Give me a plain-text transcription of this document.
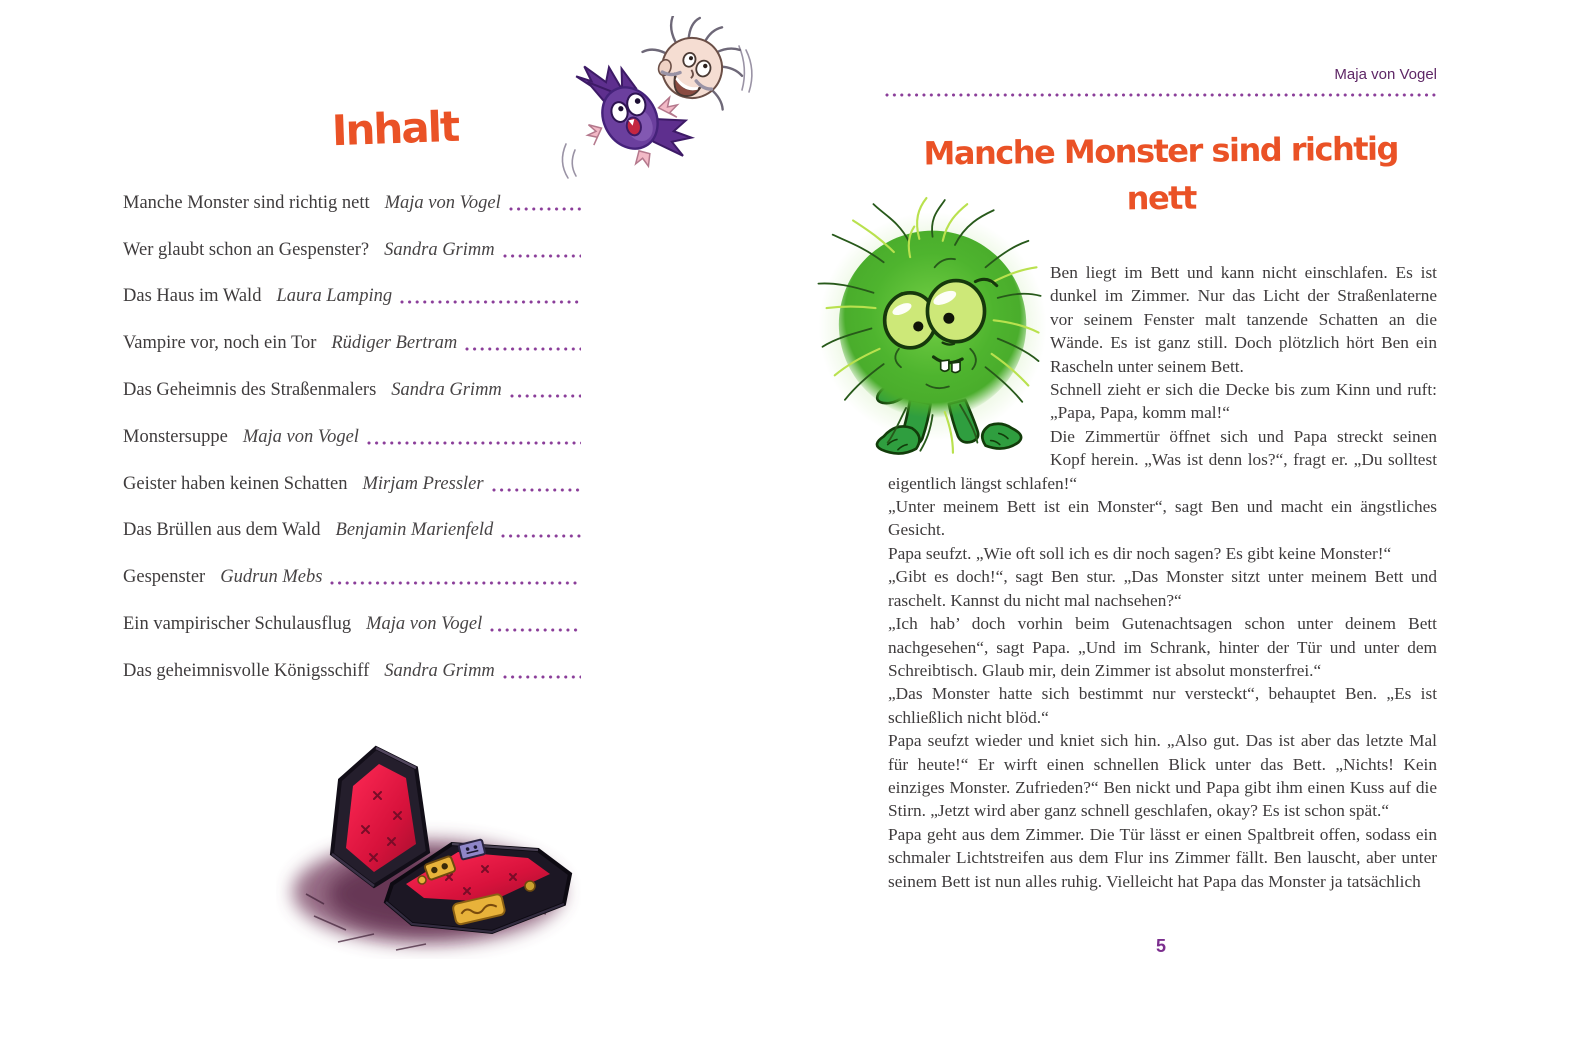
Inhalt
Manche Monster sind richtig nett Maja von Vogel
Wer glaubt schon an Gespenster? Sandra Grimm
Das Haus im Wald Laura Lamping
Vampire vor, noch ein Tor Rüdiger Bertram
Das Geheimnis des Straßenmalers Sandra Grimm
Monstersuppe Maja von Vogel
Geister haben keinen Schatten Mirjam Pressler
Das Brüllen aus dem Wald Benjamin Marienfeld
Gespenster Gudrun Mebs
Ein vampirischer Schulausflug Maja von Vogel
Das geheimnisvolle Königsschiff Sandra Grimm
Maja von Vogel
Manche Monster sind richtig
nett

Ben liegt im Bett und kann nicht einschlafen. Es ist dunkel im Zimmer. Nur das Licht der Straßenlaterne vor seinem Fenster malt tanzende Schatten an die Wände. Es ist ganz still. Doch plötzlich hört Ben ein Rascheln unter seinem Bett.

Schnell zieht er sich die Decke bis zum Kinn und ruft: „Papa, Papa, komm mal!“

Die Zimmertür öffnet sich und Papa streckt seinen Kopf herein. „Was ist denn los?“, fragt er. „Du solltest eigentlich längst schlafen!“

„Unter meinem Bett ist ein Monster“, sagt Ben und macht ein ängstliches Gesicht.

Papa seufzt. „Wie oft soll ich es dir noch sagen? Es gibt keine Monster!“

„Gibt es doch!“, sagt Ben stur. „Das Monster sitzt unter meinem Bett und raschelt. Kannst du nicht mal nachsehen?“

„Ich hab’ doch vorhin beim Gutenachtsagen schon unter deinem Bett nachgesehen“, sagt Papa. „Und im Schrank, hinter der Tür und unter dem Schreibtisch. Glaub mir, dein Zimmer ist absolut monsterfrei.“

„Das Monster hatte sich bestimmt nur versteckt“, behauptet Ben. „Es ist schließlich nicht blöd.“

Papa seufzt wieder und kniet sich hin. „Also gut. Das ist aber das letzte Mal für heute!“ Er wirft einen schnellen Blick unter das Bett. „Nichts! Kein einziges Monster. Zufrieden?“ Ben nickt und Papa gibt ihm einen Kuss auf die Stirn. „Jetzt wird aber ganz schnell geschlafen, okay? Es ist schon spät.“

Papa geht aus dem Zimmer. Die Tür lässt er einen Spaltbreit offen, sodass ein schmaler Lichtstreifen aus dem Flur ins Zimmer fällt. Ben lauscht, aber unter seinem Bett ist nun alles ruhig. Vielleicht hat Papa das Monster ja tatsächlich

5
